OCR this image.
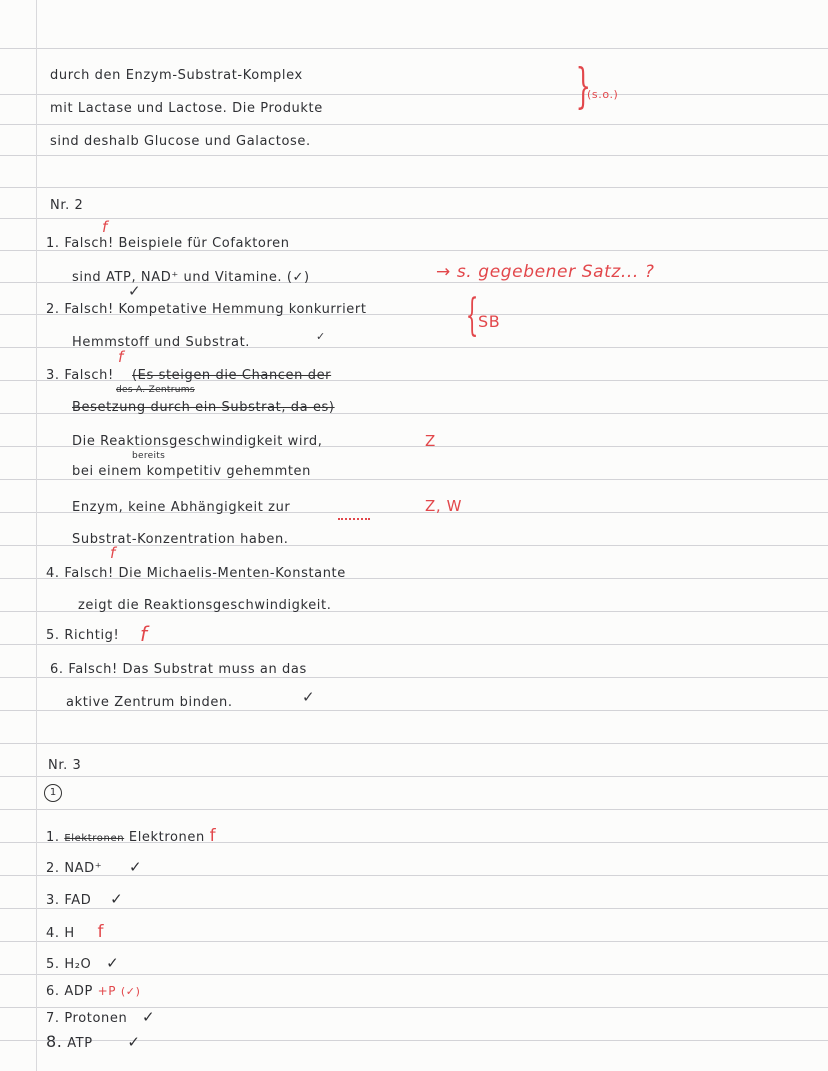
durch den Enzym-Substrat-Komplex
mit Lactase und Lactose. Die Produkte
sind deshalb Glucose und Galactose.
}
(s.o.)
Nr. 2
f
1. Falsch! Beispiele für Cofaktoren
sind ATP, NAD⁺ und Vitamine. (✓)	→ s. gegebener Satz... ?
✓
2. Falsch! Kompetative Hemmung konkurriert
Hemmstoff und Substrat.	✓	{ SB
f
3. Falsch! (Es steigen die Chancen der
des A. Zentrums
Besetzung durch ein Substrat, da es)
Die Reaktionsgeschwindigkeit wird,	Z
bereits
bei einem kompetitiv gehemmten
Enzym, keine Abhängigkeit zur	Z, W
Substrat-Konzentration haben.
f
4. Falsch! Die Michaelis-Menten-Konstante
zeigt die Reaktionsgeschwindigkeit.
5. Richtig! f
6. Falsch! Das Substrat muss an das
aktive Zentrum binden.	✓
Nr. 3
1
1. Elektronen Elektronen f
2. NAD⁺ ✓
3. FAD ✓
4. H f
5. H₂O ✓
6. ADP +P (✓)
7. Protonen ✓
8. ATP ✓
